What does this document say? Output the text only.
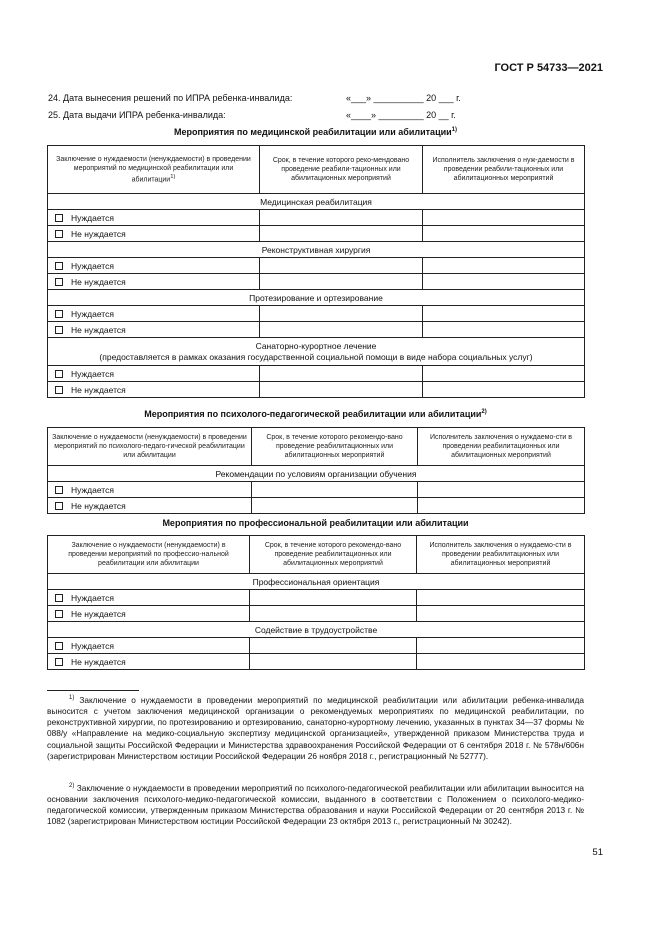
ГОСТ Р 54733—2021
24. Дата вынесения решений по ИПРА ребенка-инвалида:	«___» __________ 20 ___ г.
25. Дата выдачи ИПРА ребенка-инвалида:	«____» _________ 20 __ г.
Мероприятия по медицинской реабилитации или абилитации$^{1)}$
Заключение о нуждаемости (ненуждаемости) в проведении мероприятий по медицинской реабилитации или абилитации$^{1)}$	Срок, в течение которого реко-мендовано проведение реабили-тационных или абилитационных мероприятий	Исполнитель заключения о нуж-даемости в проведении реабили-тационных или абилитационных мероприятий
Медицинская реабилитация		
Нуждается		
Не нуждается		
Реконструктивная хирургия		
Нуждается		
Не нуждается		
Протезирование и ортезирование		
Нуждается		
Не нуждается		
Санаторно-курортное лечение
(предоставляется в рамках оказания государственной социальной помощи в виде набора социальных услуг)		
Нуждается		
Не нуждается		
Мероприятия по психолого-педагогической реабилитации или абилитации$^{2)}$
Заключение о нуждаемости (ненуждаемости) в проведении мероприятий по психолого-педаго-гической реабилитации или абилитации	Срок, в течение которого рекомендо-вано проведение реабилитационных или абилитационных мероприятий	Исполнитель заключения о нуждаемо-сти в проведении реабилитационных или абилитационных мероприятий
Рекомендации по условиям организации обучения		
Нуждается		
Не нуждается		
Мероприятия по профессиональной реабилитации или абилитации
Заключение о нуждаемости (ненуждаемости) в проведении мероприятий по профессио-нальной реабилитации или абилитации	Срок, в течение которого рекомендо-вано проведение реабилитационных или абилитационных мероприятий	Исполнитель заключения о нуждаемо-сти в проведении реабилитационных или абилитационных мероприятий
Профессиональная ориентация		
Нуждается		
Не нуждается		
Содействие в трудоустройстве		
Нуждается		
Не нуждается		
$^{1)}$ Заключение о нуждаемости в проведении мероприятий по медицинской реабилитации или абилитации ребенка-инвалида выносится с учетом заключения медицинской организации о рекомендуемых мероприятиях по медицинской реабилитации, по реконструктивной хирургии, по протезированию и ортезированию, санаторно-курортному лечению, указанных в пунктах 34—37 формы № 088/у «Направление на медико-социальную экспертизу медицинской организацией», утвержденной приказом Министерства труда и социальной защиты Российской Федерации и Министерства здравоохранения Российской Федерации от 6 сентября 2018 г. № 578н/606н (зарегистрирован Министерством юстиции Российской Федерации 26 ноября 2018 г., регистрационный № 52777).
$^{2)}$ Заключение о нуждаемости в проведении мероприятий по психолого-педагогической реабилитации или абилитации выносится на основании заключения психолого-медико-педагогической комиссии, выданного в соответствии с Положением о психолого-медико-педагогической комиссии, утвержденным приказом Министерства образования и науки Российской Федерации от 20 сентября 2013 г. № 1082 (зарегистрирован Министерством юстиции Российской Федерации 23 октября 2013 г., регистрационный № 30242).
51
